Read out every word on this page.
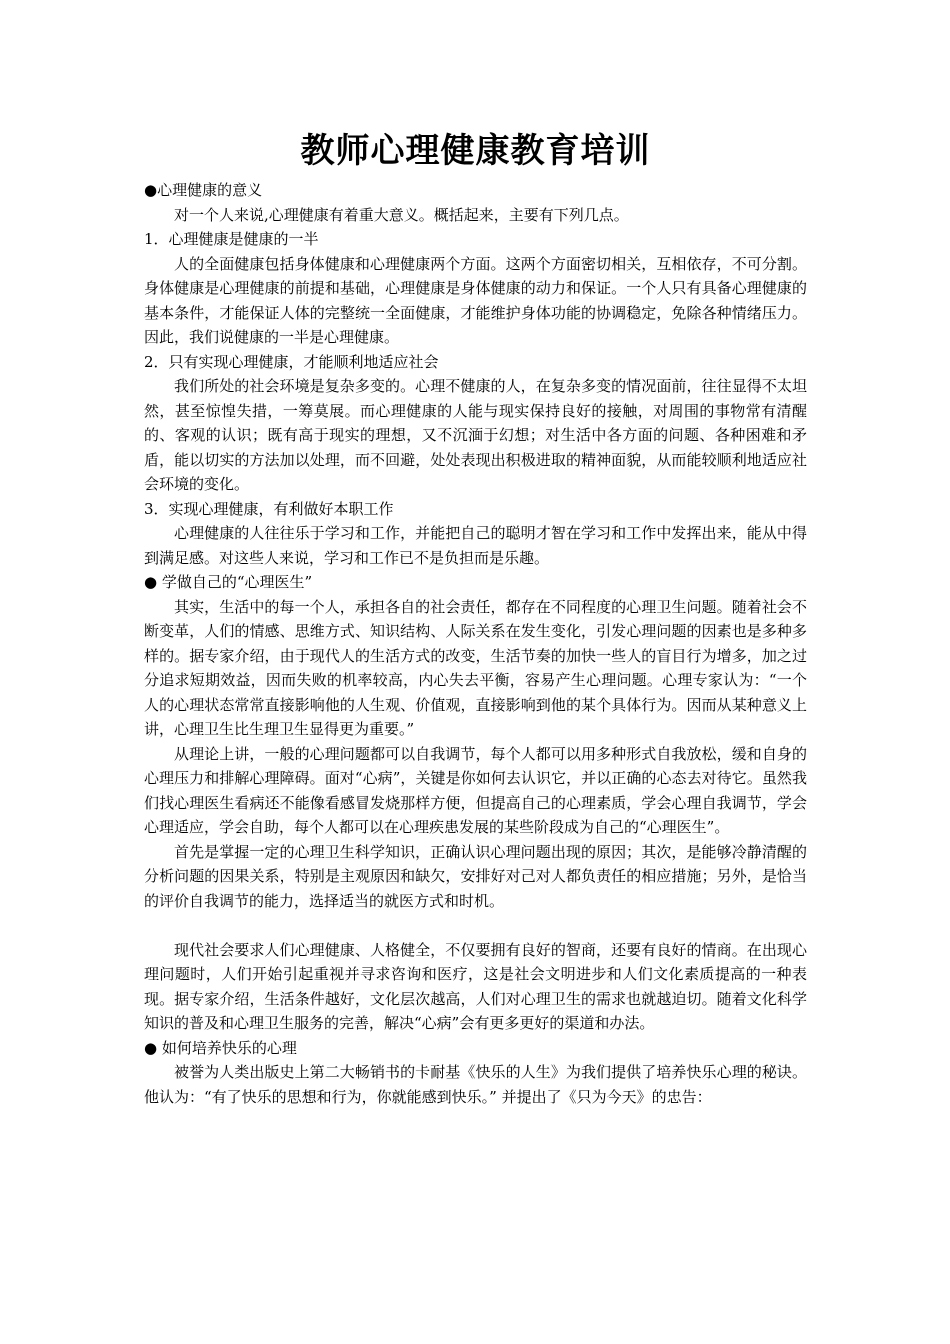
教师心理健康教育培训

●心理健康的意义

对一个人来说,心理健康有着重大意义。概括起来，主要有下列几点。

1．心理健康是健康的一半

人的全面健康包括身体健康和心理健康两个方面。这两个方面密切相关，互相依存，不可分割。身体健康是心理健康的前提和基础，心理健康是身体健康的动力和保证。一个人只有具备心理健康的基本条件，才能保证人体的完整统一全面健康，才能维护身体功能的协调稳定，免除各种情绪压力。因此，我们说健康的一半是心理健康。

2．只有实现心理健康，才能顺利地适应社会

我们所处的社会环境是复杂多变的。心理不健康的人，在复杂多变的情况面前，往往显得不太坦然，甚至惊惶失措，一筹莫展。而心理健康的人能与现实保持良好的接触，对周围的事物常有清醒的、客观的认识；既有高于现实的理想，又不沉湎于幻想；对生活中各方面的问题、各种困难和矛盾，能以切实的方法加以处理，而不回避，处处表现出积极进取的精神面貌，从而能较顺利地适应社会环境的变化。

3．实现心理健康，有利做好本职工作

心理健康的人往往乐于学习和工作，并能把自己的聪明才智在学习和工作中发挥出来，能从中得到满足感。对这些人来说，学习和工作已不是负担而是乐趣。

● 学做自己的“心理医生”

其实，生活中的每一个人，承担各自的社会责任，都存在不同程度的心理卫生问题。随着社会不断变革，人们的情感、思维方式、知识结构、人际关系在发生变化，引发心理问题的因素也是多种多样的。据专家介绍，由于现代人的生活方式的改变，生活节奏的加快一些人的盲目行为增多，加之过分追求短期效益，因而失败的机率较高，内心失去平衡，容易产生心理问题。心理专家认为：“一个人的心理状态常常直接影响他的人生观、价值观，直接影响到他的某个具体行为。因而从某种意义上讲，心理卫生比生理卫生显得更为重要。”

从理论上讲，一般的心理问题都可以自我调节，每个人都可以用多种形式自我放松，缓和自身的心理压力和排解心理障碍。面对“心病”，关键是你如何去认识它，并以正确的心态去对待它。虽然我们找心理医生看病还不能像看感冒发烧那样方便，但提高自己的心理素质，学会心理自我调节，学会心理适应，学会自助，每个人都可以在心理疾患发展的某些阶段成为自己的“心理医生”。

首先是掌握一定的心理卫生科学知识，正确认识心理问题出现的原因；其次，是能够冷静清醒的分析问题的因果关系，特别是主观原因和缺欠，安排好对己对人都负责任的相应措施；另外，是恰当的评价自我调节的能力，选择适当的就医方式和时机。

现代社会要求人们心理健康、人格健全，不仅要拥有良好的智商，还要有良好的情商。在出现心理问题时，人们开始引起重视并寻求咨询和医疗，这是社会文明进步和人们文化素质提高的一种表现。据专家介绍，生活条件越好，文化层次越高，人们对心理卫生的需求也就越迫切。随着文化科学知识的普及和心理卫生服务的完善，解决“心病”会有更多更好的渠道和办法。

● 如何培养快乐的心理

被誉为人类出版史上第二大畅销书的卡耐基《快乐的人生》为我们提供了培养快乐心理的秘诀。他认为：“有了快乐的思想和行为，你就能感到快乐。” 并提出了《只为今天》的忠告：
